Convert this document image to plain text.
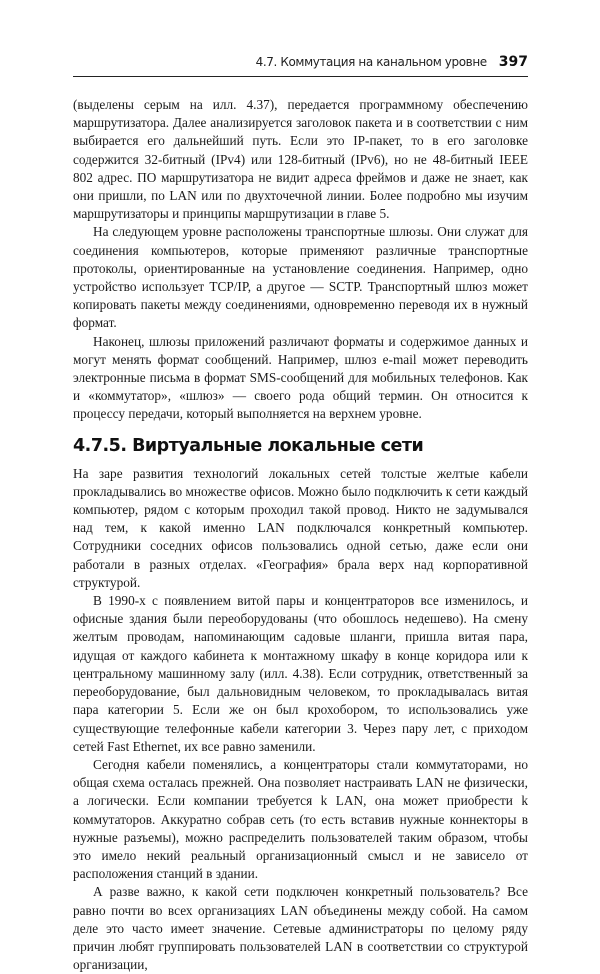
4.7. Коммутация на канальном уровне 397

(выделены серым на илл. 4.37), передается программному обеспечению маршрутизатора. Далее анализируется заголовок пакета и в соответствии с ним выбирается его дальнейший путь. Если это IP-пакет, то в его заголовке содержится 32-битный (IPv4) или 128-битный (IPv6), но не 48-битный IEEE 802 адрес. ПО маршрутизатора не видит адреса фреймов и даже не знает, как они пришли, по LAN или по двухточечной линии. Более подробно мы изучим маршрутизаторы и принципы маршрутизации в главе 5.

На следующем уровне расположены транспортные шлюзы. Они служат для соединения компьютеров, которые применяют различные транспортные протоколы, ориентированные на установление соединения. Например, одно устройство использует TCP/IP, а другое — SCTP. Транспортный шлюз может копировать пакеты между соединениями, одновременно переводя их в нужный формат.

Наконец, шлюзы приложений различают форматы и содержимое данных и могут менять формат сообщений. Например, шлюз e-mail может переводить электронные письма в формат SMS-сообщений для мобильных телефонов. Как и «коммутатор», «шлюз» — своего рода общий термин. Он относится к процессу передачи, который выполняется на верхнем уровне.

4.7.5. Виртуальные локальные сети

На заре развития технологий локальных сетей толстые желтые кабели прокладывались во множестве офисов. Можно было подключить к сети каждый компьютер, рядом с которым проходил такой провод. Никто не задумывался над тем, к какой именно LAN подключался конкретный компьютер. Сотрудники соседних офисов пользовались одной сетью, даже если они работали в разных отделах. «География» брала верх над корпоративной структурой.

В 1990-х с появлением витой пары и концентраторов все изменилось, и офисные здания были переоборудованы (что обошлось недешево). На смену желтым проводам, напоминающим садовые шланги, пришла витая пара, идущая от каждого кабинета к монтажному шкафу в конце коридора или к центральному машинному залу (илл. 4.38). Если сотрудник, ответственный за переоборудование, был дальновидным человеком, то прокладывалась витая пара категории 5. Если же он был крохобором, то использовались уже существующие телефонные кабели категории 3. Через пару лет, с приходом сетей Fast Ethernet, их все равно заменили.

Сегодня кабели поменялись, а концентраторы стали коммутаторами, но общая схема осталась прежней. Она позволяет настраивать LAN не физически, а логически. Если компании требуется k LAN, она может приобрести k коммутаторов. Аккуратно собрав сеть (то есть вставив нужные коннекторы в нужные разъемы), можно распределить пользователей таким образом, чтобы это имело некий реальный организационный смысл и не зависело от расположения станций в здании.

А разве важно, к какой сети подключен конкретный пользователь? Все равно почти во всех организациях LAN объединены между собой. На самом деле это часто имеет значение. Сетевые администраторы по целому ряду причин любят группировать пользователей LAN в соответствии со структурой организации,
